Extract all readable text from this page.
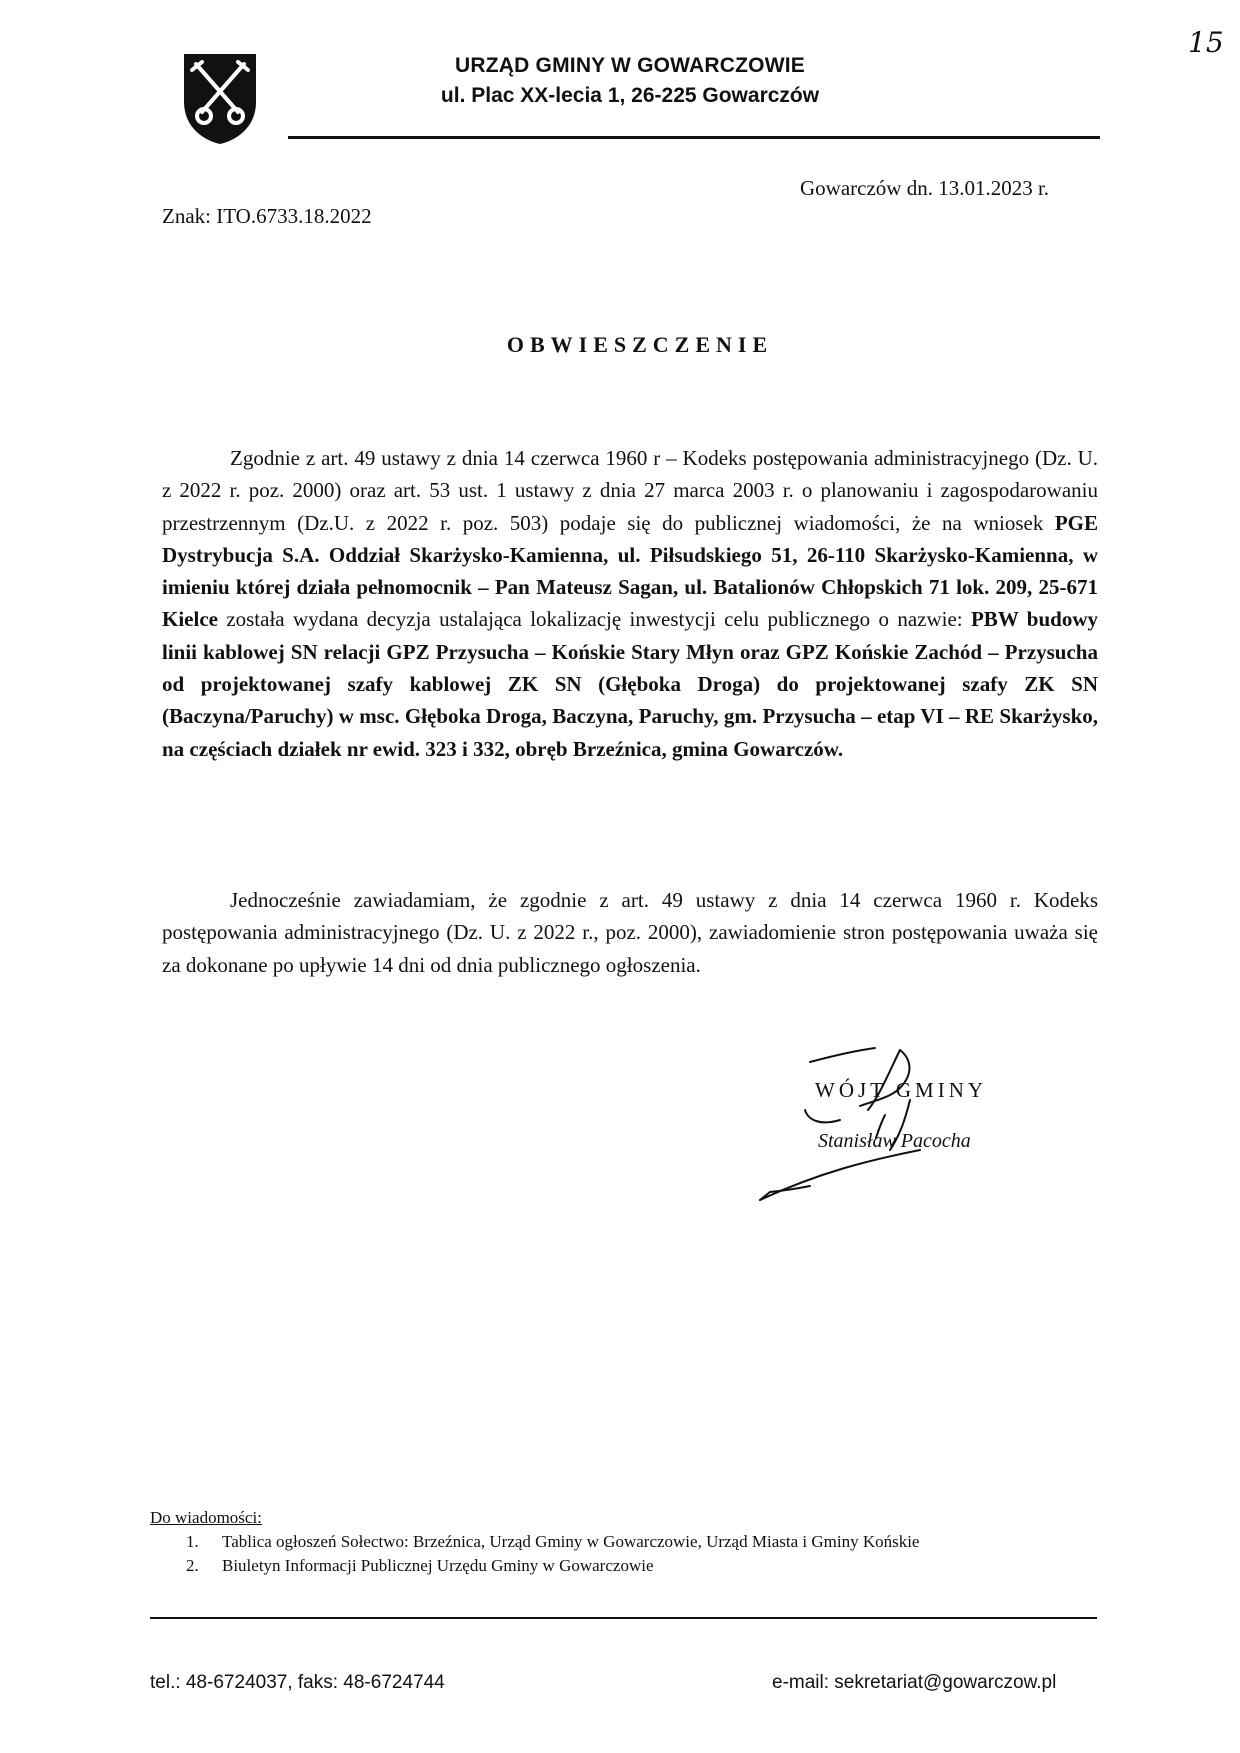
15
URZĄD GMINY W GOWARCZOWIE
ul. Plac XX-lecia 1, 26-225 Gowarczów
Gowarczów dn. 13.01.2023 r.
Znak: ITO.6733.18.2022
OBWIESZCZENIE
Zgodnie z art. 49 ustawy z dnia 14 czerwca 1960 r – Kodeks postępowania administracyjnego (Dz. U. z 2022 r. poz. 2000) oraz art. 53 ust. 1 ustawy z dnia 27 marca 2003 r. o planowaniu i zagospodarowaniu przestrzennym (Dz.U. z 2022 r. poz. 503) podaje się do publicznej wiadomości, że na wniosek PGE Dystrybucja S.A. Oddział Skarżysko-Kamienna, ul. Piłsudskiego 51, 26-110 Skarżysko-Kamienna, w imieniu której działa pełnomocnik – Pan Mateusz Sagan, ul. Batalionów Chłopskich 71 lok. 209, 25-671 Kielce została wydana decyzja ustalająca lokalizację inwestycji celu publicznego o nazwie: PBW budowy linii kablowej SN relacji GPZ Przysucha – Końskie Stary Młyn oraz GPZ Końskie Zachód – Przysucha od projektowanej szafy kablowej ZK SN (Głęboka Droga) do projektowanej szafy ZK SN (Baczyna/Paruchy) w msc. Głęboka Droga, Baczyna, Paruchy, gm. Przysucha – etap VI – RE Skarżysko, na częściach działek nr ewid. 323 i 332, obręb Brzeźnica, gmina Gowarczów.
Jednocześnie zawiadamiam, że zgodnie z art. 49 ustawy z dnia 14 czerwca 1960 r. Kodeks postępowania administracyjnego (Dz. U. z 2022 r., poz. 2000), zawiadomienie stron postępowania uważa się za dokonane po upływie 14 dni od dnia publicznego ogłoszenia.
WÓJT GMINY
Stanisław Pacocha
Do wiadomości:
1. Tablica ogłoszeń Sołectwo: Brzeźnica, Urząd Gminy w Gowarczowie, Urząd Miasta i Gminy Końskie
2. Biuletyn Informacji Publicznej Urzędu Gminy w Gowarczowie
tel.: 48-6724037, faks: 48-6724744	e-mail: sekretariat@gowarczow.pl
